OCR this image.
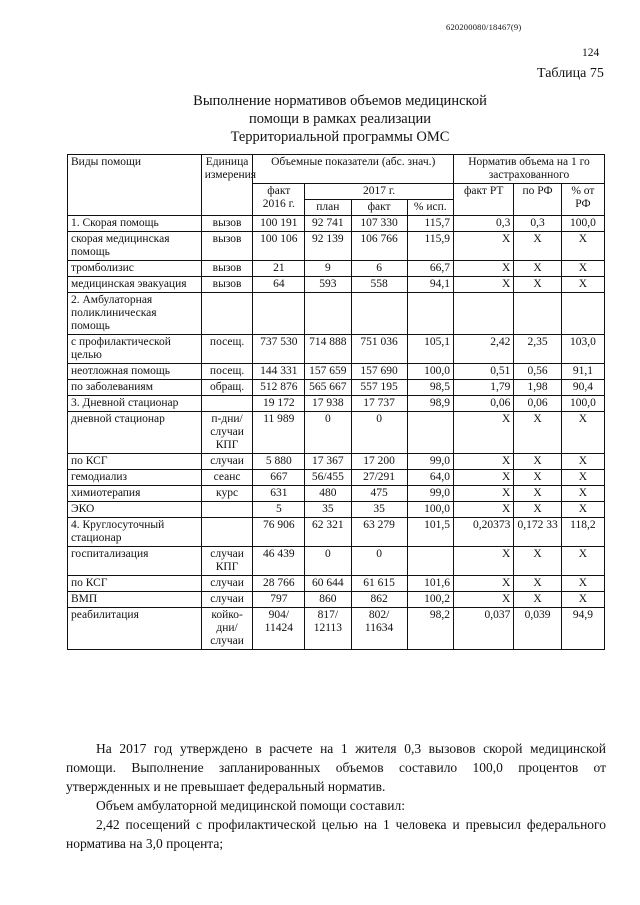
620200080/18467(9)
124
Таблица 75
Выполнение нормативов объемов медицинской
помощи в рамках реализации
Территориальной программы ОМС
Виды помощи	Единица измерения	Объемные показатели (абс. знач.)				Норматив объема на 1 го застрахованного		
		факт 2016 г.	2017 г.			факт РТ	по РФ	% от РФ
			план	факт	% исп.			
1. Скорая помощь	вызов	100 191	92 741	107 330	115,7	0,3	0,3	100,0
скорая медицинская помощь	вызов	100 106	92 139	106 766	115,9	X	X	X
тромболизис	вызов	21	9	6	66,7	X	X	X
медицинская эвакуация	вызов	64	593	558	94,1	X	X	X
2. Амбулаторная поликлиническая помощь								
с профилактической целью	посещ.	737 530	714 888	751 036	105,1	2,42	2,35	103,0
неотложная помощь	посещ.	144 331	157 659	157 690	100,0	0,51	0,56	91,1
по заболеваниям	обращ.	512 876	565 667	557 195	98,5	1,79	1,98	90,4
3. Дневной стационар		19 172	17 938	17 737	98,9	0,06	0,06	100,0
дневной стационар	п-дни/ случаи КПГ	11 989	0	0		X	X	X
по КСГ	случаи	5 880	17 367	17 200	99,0	X	X	X
гемодиализ	сеанс	667	56/455	27/291	64,0	X	X	X
химиотерапия	курс	631	480	475	99,0	X	X	X
ЭКО		5	35	35	100,0	X	X	X
4. Круглосуточный стационар		76 906	62 321	63 279	101,5	0,20373	0,172 33	118,2
госпитализация	случаи КПГ	46 439	0	0		X	X	X
по КСГ	случаи	28 766	60 644	61 615	101,6	X	X	X
ВМП	случаи	797	860	862	100,2	X	X	X
реабилитация	койко-дни/ случаи	904/ 11424	817/ 12113	802/ 11634	98,2	0,037	0,039	94,9
На 2017 год утверждено в расчете на 1 жителя 0,3 вызовов скорой медицинской помощи. Выполнение запланированных объемов составило 100,0 процентов от утвержденных и не превышает федеральный норматив.
Объем амбулаторной медицинской помощи составил:
2,42 посещений с профилактической целью на 1 человека и превысил федерального норматива на 3,0 процента;
